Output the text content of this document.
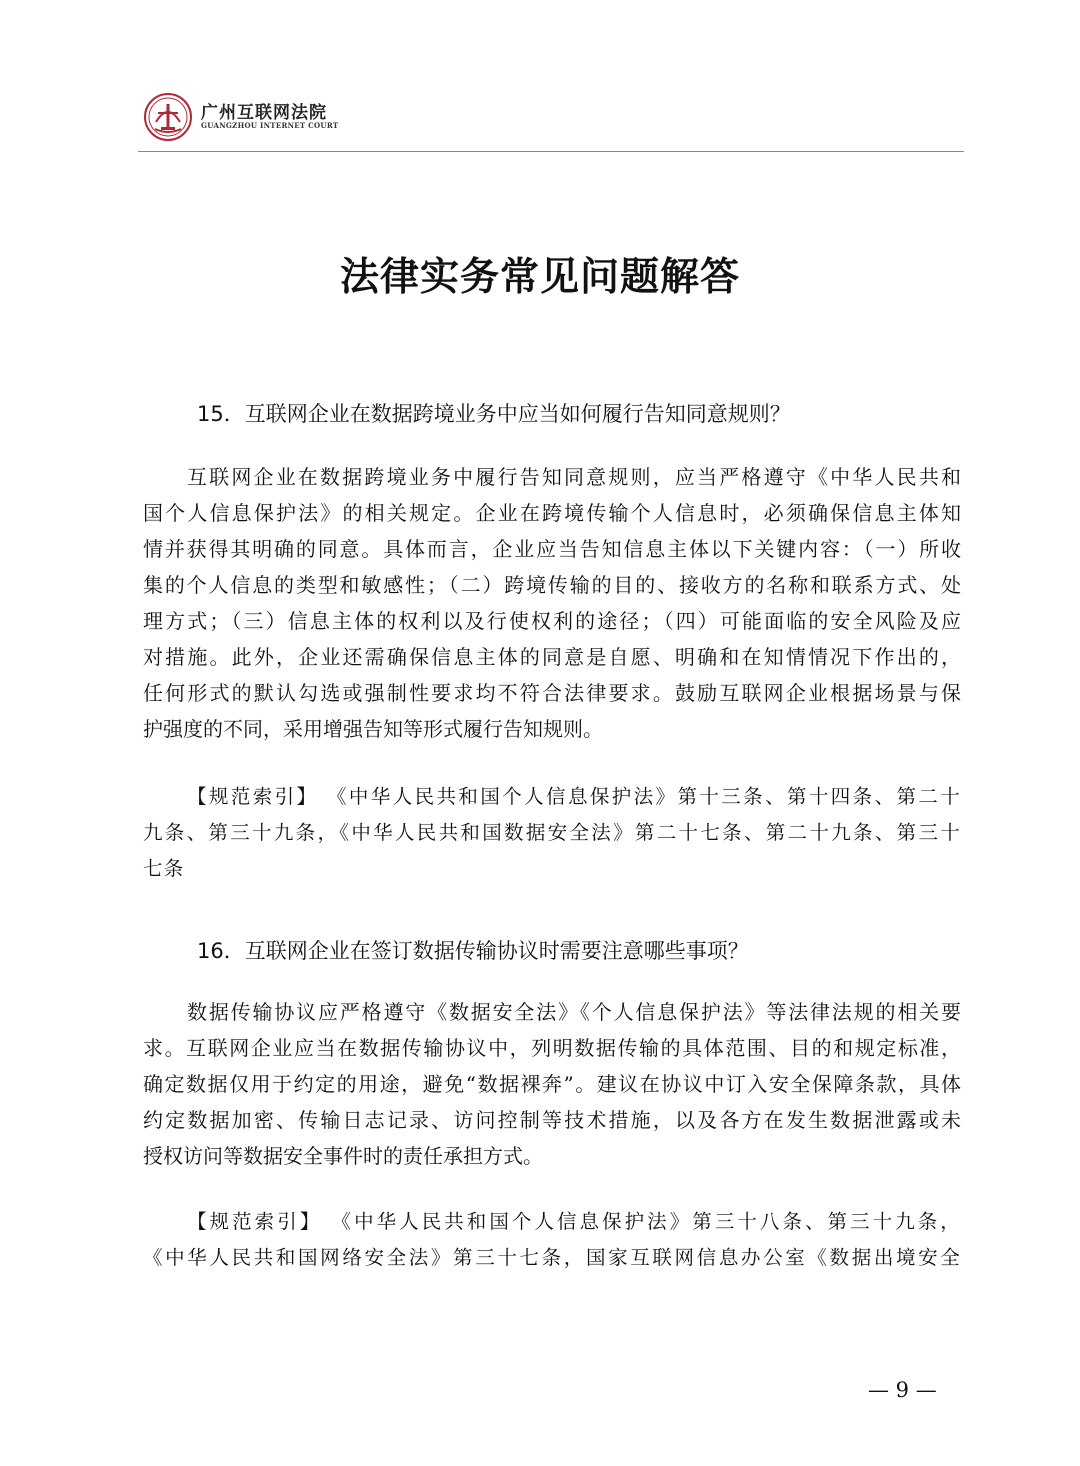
广州互联网法院
GUANGZHOU INTERNET COURT
法律实务常见问题解答
15．互联网企业在数据跨境业务中应当如何履行告知同意规则？
互联网企业在数据跨境业务中履行告知同意规则，应当严格遵守《中华人民共和
国个人信息保护法》的相关规定。企业在跨境传输个人信息时，必须确保信息主体知
情并获得其明确的同意。具体而言，企业应当告知信息主体以下关键内容：（一）所收
集的个人信息的类型和敏感性；（二）跨境传输的目的、接收方的名称和联系方式、处
理方式；（三）信息主体的权利以及行使权利的途径；（四）可能面临的安全风险及应
对措施。此外，企业还需确保信息主体的同意是自愿、明确和在知情情况下作出的，
任何形式的默认勾选或强制性要求均不符合法律要求。鼓励互联网企业根据场景与保
护强度的不同，采用增强告知等形式履行告知规则。
【规范索引】 《中华人民共和国个人信息保护法》第十三条、第十四条、第二十
九条、第三十九条，《中华人民共和国数据安全法》第二十七条、第二十九条、第三十
七条
16．互联网企业在签订数据传输协议时需要注意哪些事项？
数据传输协议应严格遵守《数据安全法》《个人信息保护法》等法律法规的相关要
求。互联网企业应当在数据传输协议中，列明数据传输的具体范围、目的和规定标准，
确定数据仅用于约定的用途，避免“数据裸奔”。建议在协议中订入安全保障条款，具体
约定数据加密、传输日志记录、访问控制等技术措施，以及各方在发生数据泄露或未
授权访问等数据安全事件时的责任承担方式。
【规范索引】 《中华人民共和国个人信息保护法》第三十八条、第三十九条，
《中华人民共和国网络安全法》第三十七条，国家互联网信息办公室《数据出境安全
— 9 —
